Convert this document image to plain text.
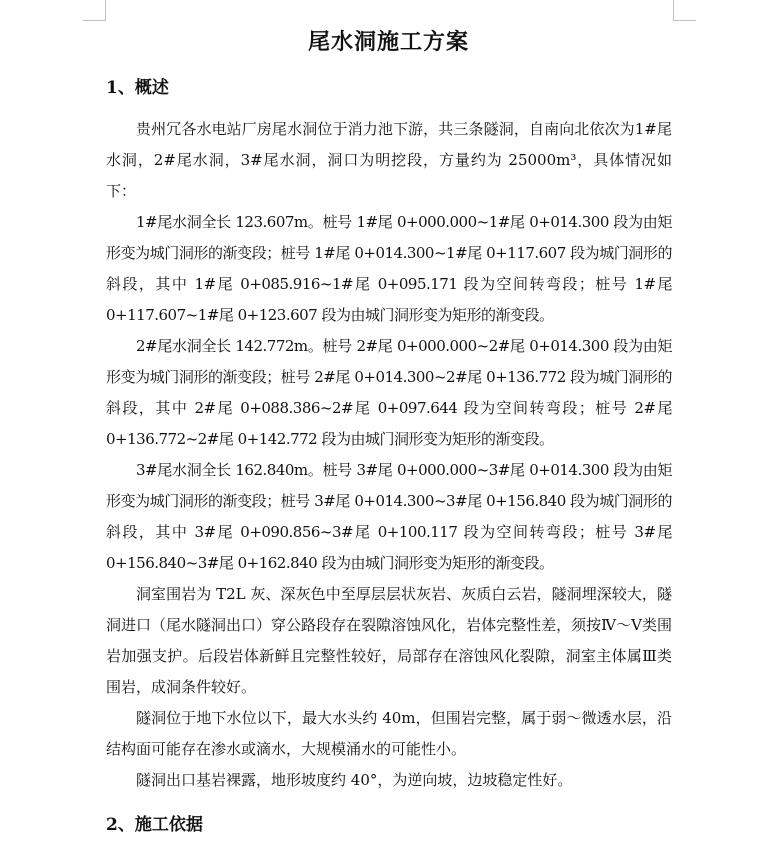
尾水洞施工方案
1、概述

贵州冗各水电站厂房尾水洞位于消力池下游，共三条隧洞，自南向北依次为1#尾水洞，2#尾水洞，3#尾水洞，洞口为明挖段，方量约为 25000m³，具体情况如下：

1#尾水洞全长 123.607m。桩号 1#尾 0+000.000~1#尾 0+014.300 段为由矩形变为城门洞形的渐变段；桩号 1#尾 0+014.300~1#尾 0+117.607 段为城门洞形的斜段，其中 1#尾 0+085.916~1#尾 0+095.171 段为空间转弯段；桩号 1#尾 0+117.607~1#尾 0+123.607 段为由城门洞形变为矩形的渐变段。

2#尾水洞全长 142.772m。桩号 2#尾 0+000.000~2#尾 0+014.300 段为由矩形变为城门洞形的渐变段；桩号 2#尾 0+014.300~2#尾 0+136.772 段为城门洞形的斜段，其中 2#尾 0+088.386~2#尾 0+097.644 段为空间转弯段；桩号 2#尾 0+136.772~2#尾 0+142.772 段为由城门洞形变为矩形的渐变段。

3#尾水洞全长 162.840m。桩号 3#尾 0+000.000~3#尾 0+014.300 段为由矩形变为城门洞形的渐变段；桩号 3#尾 0+014.300~3#尾 0+156.840 段为城门洞形的斜段，其中 3#尾 0+090.856~3#尾 0+100.117 段为空间转弯段；桩号 3#尾 0+156.840~3#尾 0+162.840 段为由城门洞形变为矩形的渐变段。

洞室围岩为 T2L 灰、深灰色中至厚层层状灰岩、灰质白云岩，隧洞埋深较大，隧洞进口（尾水隧洞出口）穿公路段存在裂隙溶蚀风化，岩体完整性差，须按Ⅳ～Ⅴ类围岩加强支护。后段岩体新鲜且完整性较好，局部存在溶蚀风化裂隙，洞室主体属Ⅲ类围岩，成洞条件较好。

隧洞位于地下水位以下，最大水头约 40m，但围岩完整，属于弱～微透水层，沿结构面可能存在渗水或滴水，大规模涌水的可能性小。

隧洞出口基岩裸露，地形坡度约 40°，为逆向坡，边坡稳定性好。

2、施工依据
